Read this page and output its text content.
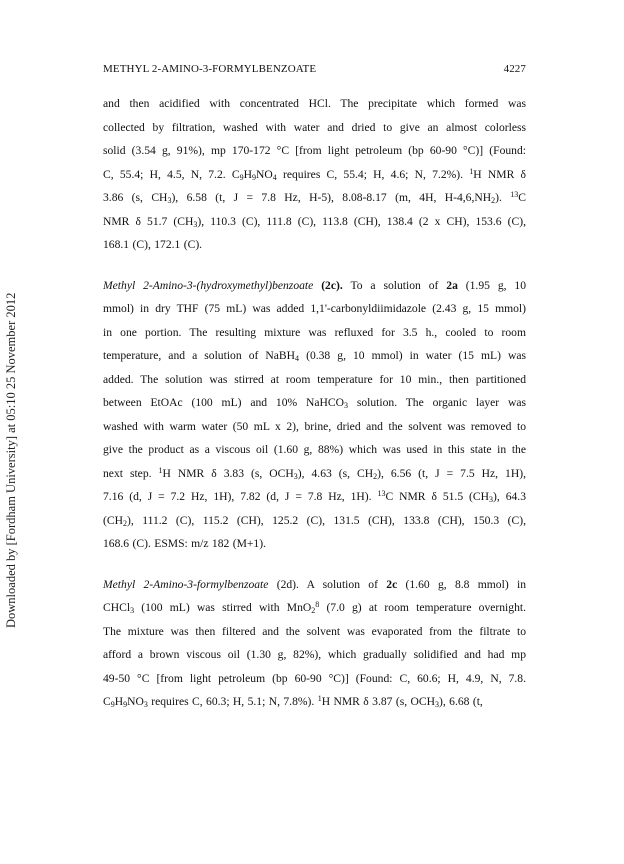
METHYL 2-AMINO-3-FORMYLBENZOATE	4227
Downloaded by [Fordham University] at 05:10 25 November 2012
and then acidified with concentrated HCl. The precipitate which formed was
collected by filtration, washed with water and dried to give an almost colorless
solid (3.54 g, 91%), mp 170-172 °C [from light petroleum (bp 60-90 °C)] (Found:
C, 55.4; H, 4.5, N, 7.2. $C_9H_9NO_4$ requires C, 55.4; H, 4.6; N, 7.2%). $^1$H NMR δ
3.86 (s, $CH_3$), 6.58 (t, J = 7.8 Hz, H-5), 8.08-8.17 (m, 4H, $H-4,6,NH_2$). $^{13}$C
NMR δ 51.7 $(CH_3)$, 110.3 (C), 111.8 (C), 113.8 (CH), 138.4 (2 x CH), 153.6 (C),
168.1 (C), 172.1 (C).
Methyl 2-Amino-3-(hydroxymethyl)benzoate (2c). To a solution of 2a (1.95 g, 10
mmol) in dry THF (75 mL) was added 1,1'-carbonyldiimidazole (2.43 g, 15 mmol)
in one portion. The resulting mixture was refluxed for 3.5 h., cooled to room
temperature, and a solution of NaBH$_4$ (0.38 g, 10 mmol) in water (15 mL) was
added. The solution was stirred at room temperature for 10 min., then partitioned
between EtOAc (100 mL) and 10% NaHCO$_3$ solution. The organic layer was
washed with warm water (50 mL x 2), brine, dried and the solvent was removed to
give the product as a viscous oil (1.60 g, 88%) which was used in this state in the
next step. $^1$H NMR δ 3.83 (s, $OCH_3$), 4.63 (s, $CH_2$), 6.56 (t, J = 7.5 Hz, 1H),
7.16 (d, J = 7.2 Hz, 1H), 7.82 (d, J = 7.8 Hz, 1H). $^{13}$C NMR δ 51.5 $(CH_3)$, 64.3
$(CH_2)$, 111.2 (C), 115.2 (CH), 125.2 (C), 131.5 (CH), 133.8 (CH), 150.3 (C),
168.6 (C). ESMS: m/z 182 (M+1).
Methyl 2-Amino-3-formylbenzoate (2d). A solution of 2c (1.60 g, 8.8 mmol) in
CHCl$_3$ (100 mL) was stirred with MnO$_2^8$ (7.0 g) at room temperature overnight.
The mixture was then filtered and the solvent was evaporated from the filtrate to
afford a brown viscous oil (1.30 g, 82%), which gradually solidified and had mp
49-50 °C [from light petroleum (bp 60-90 °C)] (Found: C, 60.6; H, 4.9, N, 7.8.
$C_9H_9NO_3$ requires C, 60.3; H, 5.1; N, 7.8%). $^1$H NMR δ 3.87 (s, $OCH_3$), 6.68 (t,
